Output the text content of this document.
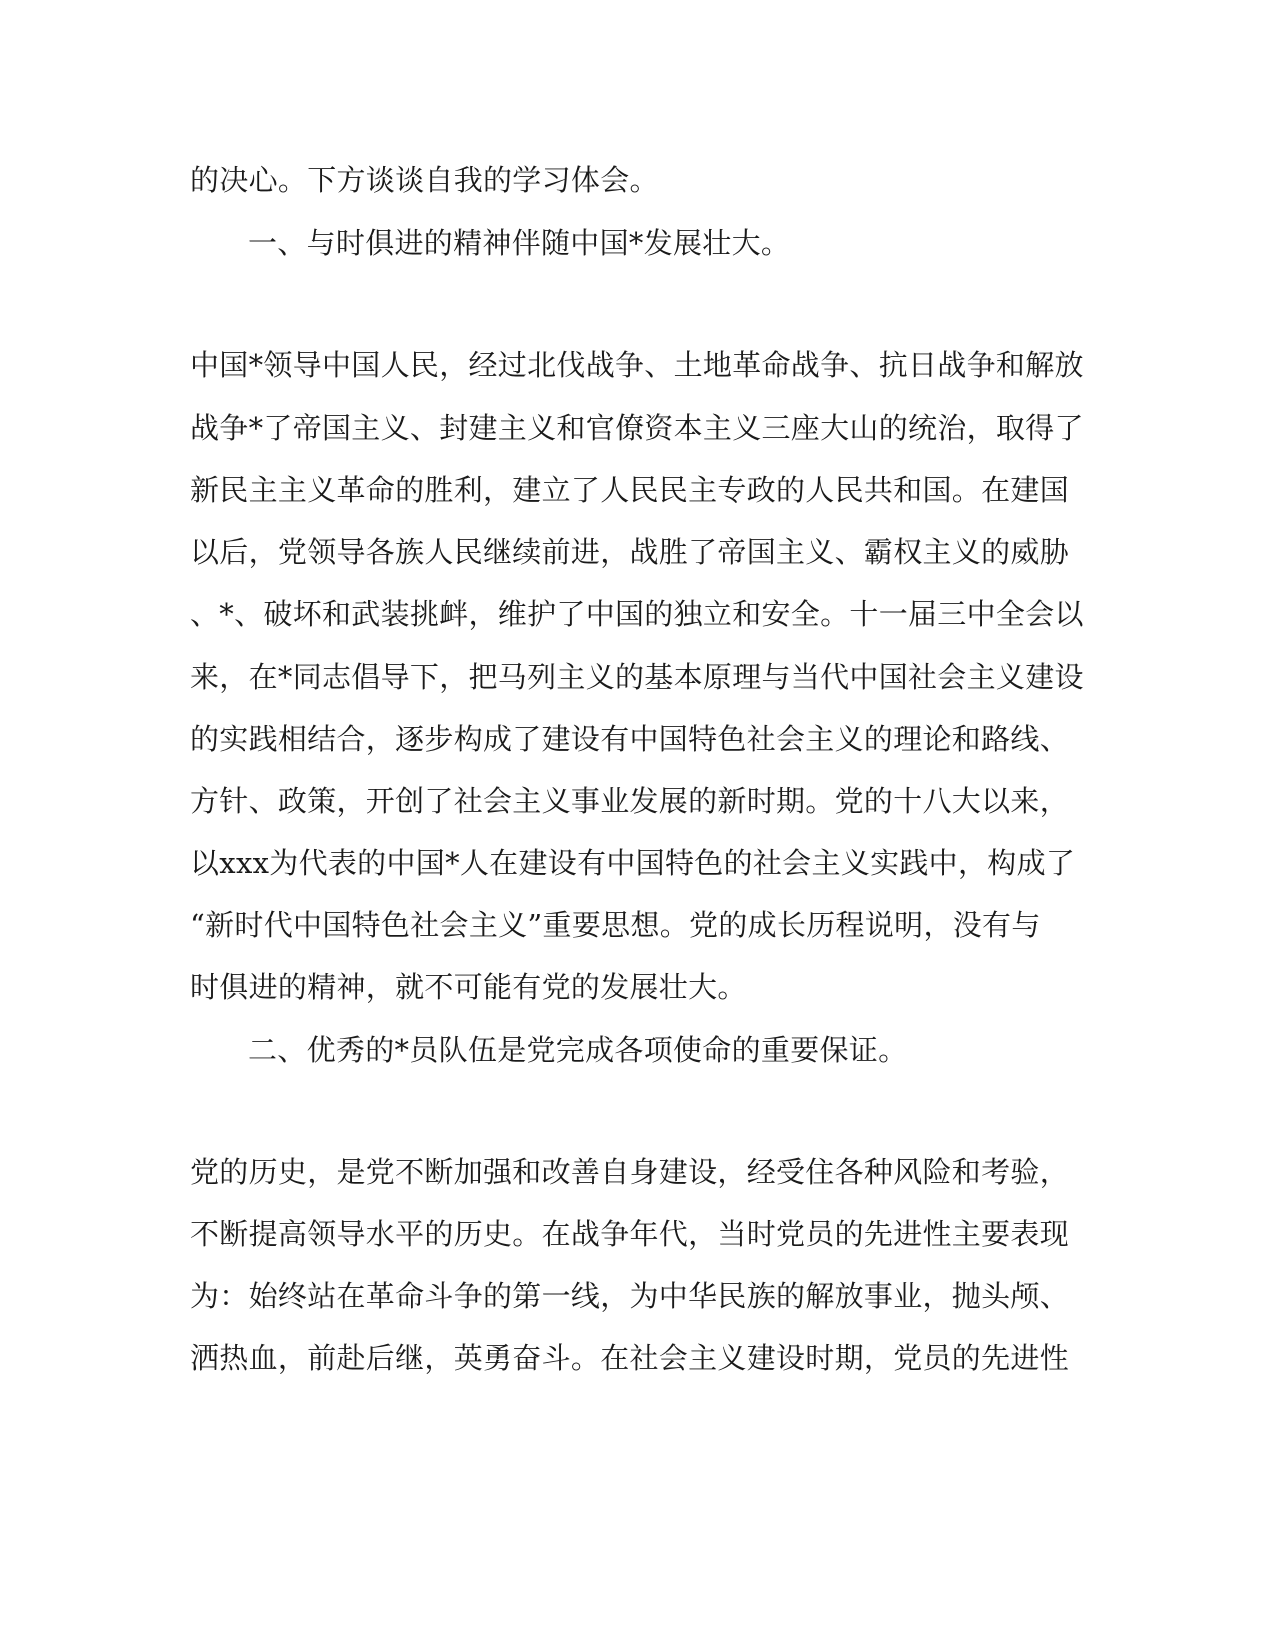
的决心。下方谈谈自我的学习体会。
一、与时俱进的精神伴随中国*发展壮大。
中国*领导中国人民，经过北伐战争、土地革命战争、抗日战争和解放
战争*了帝国主义、封建主义和官僚资本主义三座大山的统治，取得了
新民主主义革命的胜利，建立了人民民主专政的人民共和国。在建国
以后，党领导各族人民继续前进，战胜了帝国主义、霸权主义的威胁
、*、破坏和武装挑衅，维护了中国的独立和安全。十一届三中全会以
来，在*同志倡导下，把马列主义的基本原理与当代中国社会主义建设
的实践相结合，逐步构成了建设有中国特色社会主义的理论和路线、
方针、政策，开创了社会主义事业发展的新时期。党的十八大以来，
以xxx为代表的中国*人在建设有中国特色的社会主义实践中，构成了
“新时代中国特色社会主义”重要思想。党的成长历程说明，没有与
时俱进的精神，就不可能有党的发展壮大。
二、优秀的*员队伍是党完成各项使命的重要保证。
党的历史，是党不断加强和改善自身建设，经受住各种风险和考验，
不断提高领导水平的历史。在战争年代，当时党员的先进性主要表现
为：始终站在革命斗争的第一线，为中华民族的解放事业，抛头颅、
洒热血，前赴后继，英勇奋斗。在社会主义建设时期，党员的先进性
